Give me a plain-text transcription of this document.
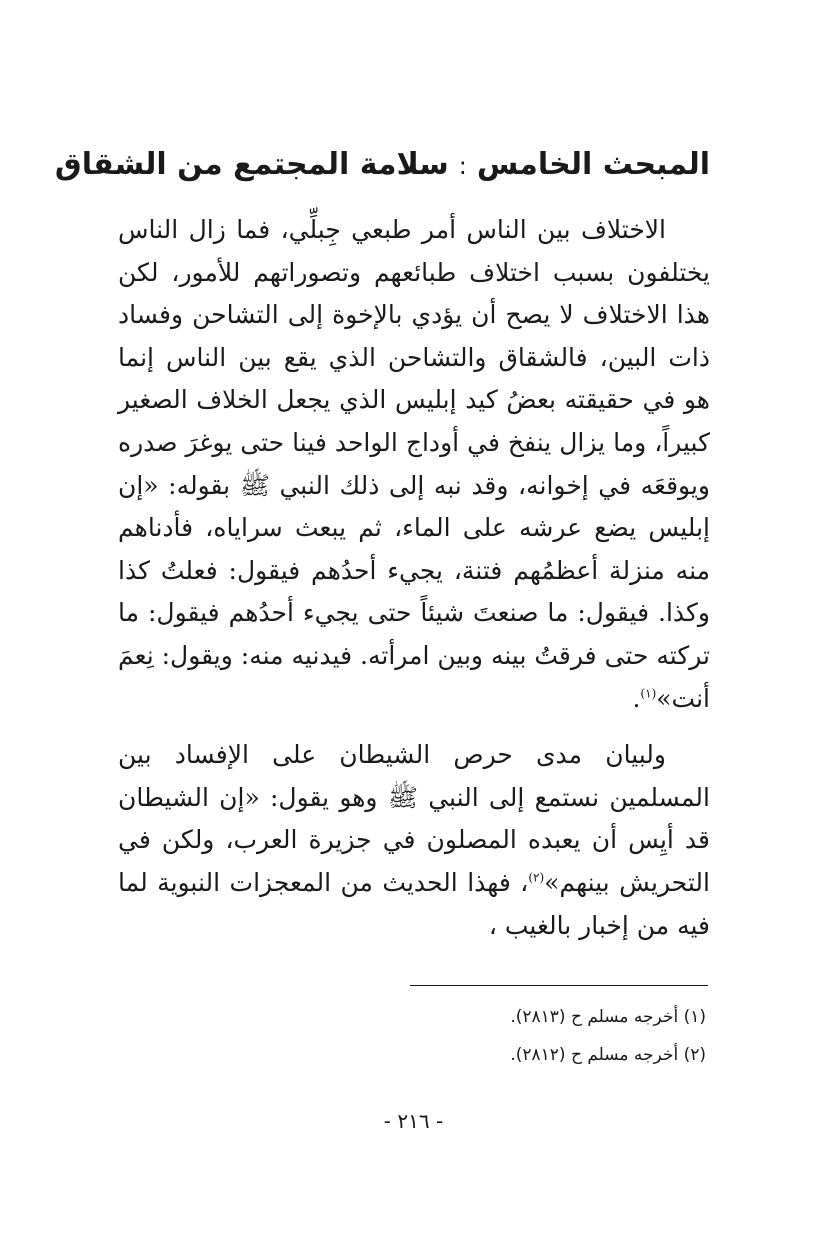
المبحث الخامس:سلامة المجتمع من الشقاق

الاختلاف بين الناس أمر طبعي جِبلِّي، فما زال الناس يختلفون بسبب اختلاف طبائعهم وتصوراتهم للأمور، لكن هذا الاختلاف لا يصح أن يؤدي بالإخوة إلى التشاحن وفساد ذات البين، فالشقاق والتشاحن الذي يقع بين الناس إنما هو في حقيقته بعضُ كيد إبليس الذي يجعل الخلاف الصغير كبيراً، وما يزال ينفخ في أوداج الواحد فينا حتى يوغرَ صدره ويوقعَه في إخوانه، وقد نبه إلى ذلك النبي ﷺ بقوله: «إن إبليس يضع عرشه على الماء، ثم يبعث سراياه، فأدناهم منه منزلة أعظمُهم فتنة، يجيء أحدُهم فيقول: فعلتُ كذا وكذا. فيقول: ما صنعتَ شيئاً حتى يجيء أحدُهم فيقول: ما تركته حتى فرقتُ بينه وبين امرأته. فيدنيه منه: ويقول: نِعمَ أنت»$^{(١)}$.

ولبيان مدى حرص الشيطان على الإفساد بين المسلمين نستمع إلى النبي ﷺ وهو يقول: «إن الشيطان قد أيِس أن يعبده المصلون في جزيرة العرب، ولكن في التحريش بينهم»$^{(٢)}$، فهذا الحديث من المعجزات النبوية لما فيه من إخبار بالغيب ،

(١) أخرجه مسلم ح (٢٨١٣).
(٢) أخرجه مسلم ح (٢٨١٢).
- ٢١٦ -
